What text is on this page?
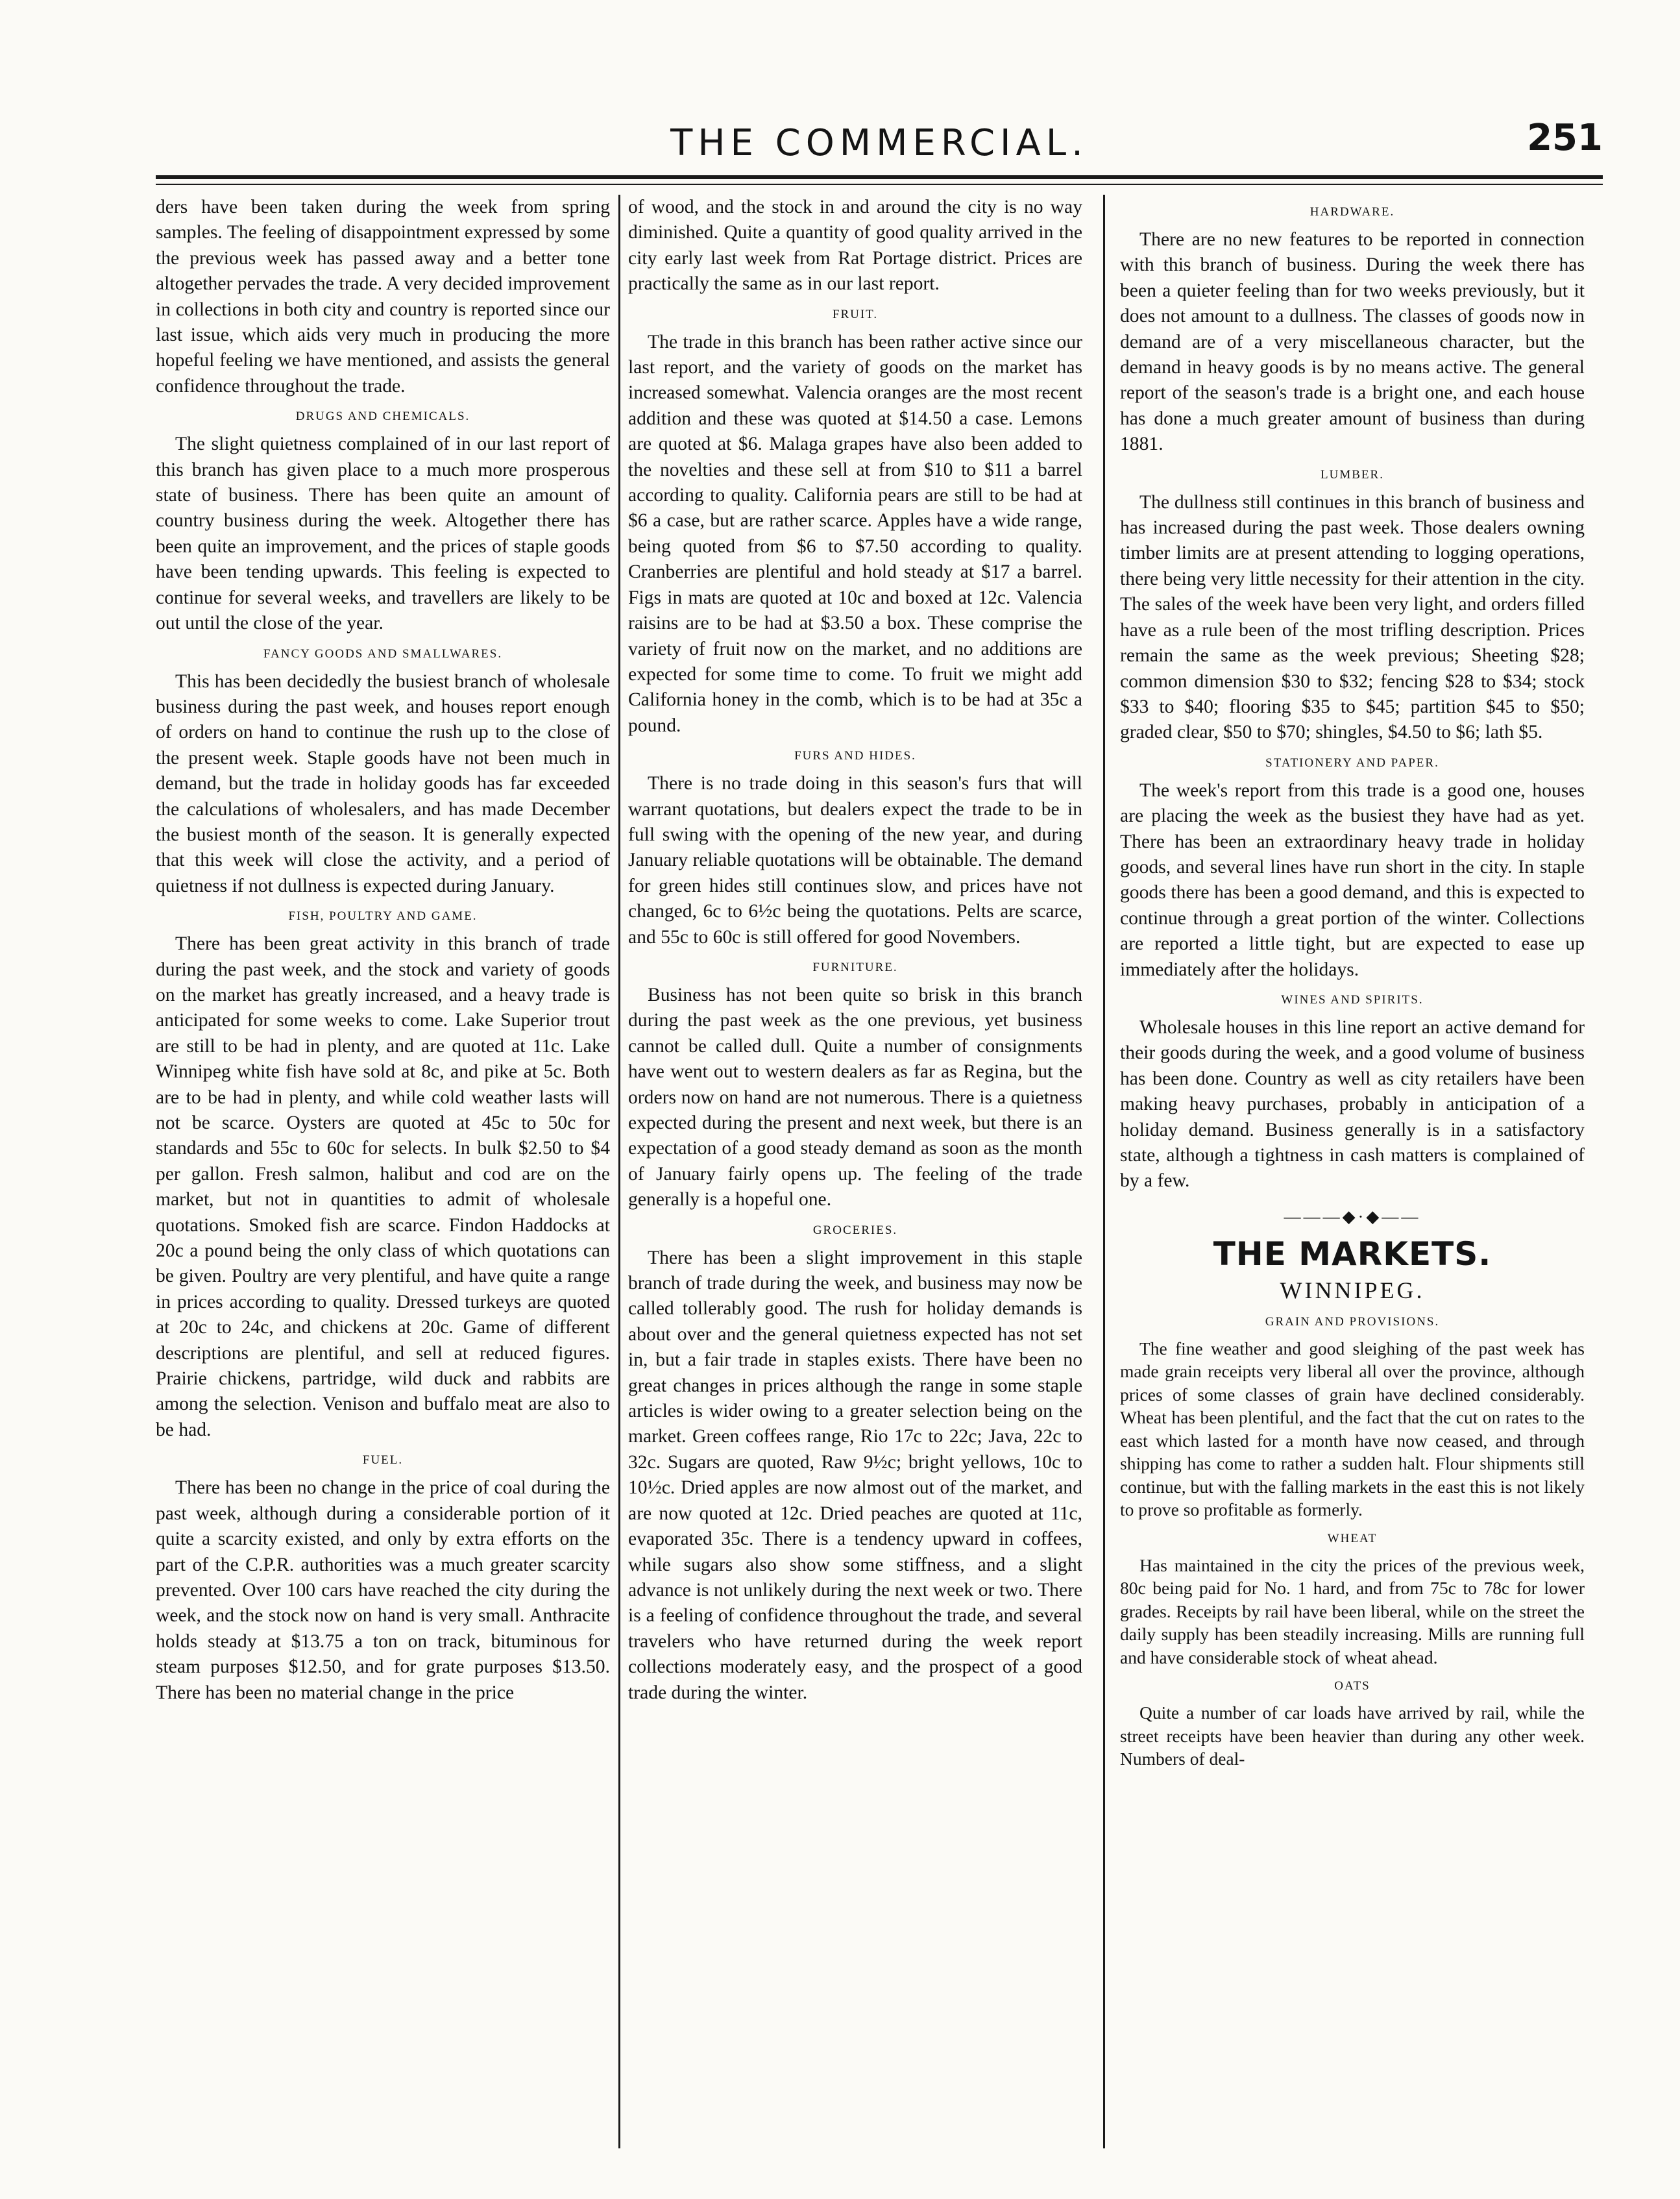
THE COMMERCIAL.	251

ders have been taken during the week from spring samples. The feeling of disappointment expressed by some the previous week has passed away and a better tone altogether pervades the trade. A very decided improvement in collections in both city and country is reported since our last issue, which aids very much in producing the more hopeful feeling we have mentioned, and assists the general confidence throughout the trade.

DRUGS AND CHEMICALS.

The slight quietness complained of in our last report of this branch has given place to a much more prosperous state of business. There has been quite an amount of country business during the week. Altogether there has been quite an improvement, and the prices of staple goods have been tending upwards. This feeling is expected to continue for several weeks, and travellers are likely to be out until the close of the year.

FANCY GOODS AND SMALLWARES.

This has been decidedly the busiest branch of wholesale business during the past week, and houses report enough of orders on hand to continue the rush up to the close of the present week. Staple goods have not been much in demand, but the trade in holiday goods has far exceeded the calculations of wholesalers, and has made December the busiest month of the season. It is generally expected that this week will close the activity, and a period of quietness if not dullness is expected during January.

FISH, POULTRY AND GAME.

There has been great activity in this branch of trade during the past week, and the stock and variety of goods on the market has greatly increased, and a heavy trade is anticipated for some weeks to come. Lake Superior trout are still to be had in plenty, and are quoted at 11c. Lake Winnipeg white fish have sold at 8c, and pike at 5c. Both are to be had in plenty, and while cold weather lasts will not be scarce. Oysters are quoted at 45c to 50c for standards and 55c to 60c for selects. In bulk $2.50 to $4 per gallon. Fresh salmon, halibut and cod are on the market, but not in quantities to admit of wholesale quotations. Smoked fish are scarce. Findon Haddocks at 20c a pound being the only class of which quotations can be given. Poultry are very plentiful, and have quite a range in prices according to quality. Dressed turkeys are quoted at 20c to 24c, and chickens at 20c. Game of different descriptions are plentiful, and sell at reduced figures. Prairie chickens, partridge, wild duck and rabbits are among the selection. Venison and buffalo meat are also to be had.

FUEL.

There has been no change in the price of coal during the past week, although during a considerable portion of it quite a scarcity existed, and only by extra efforts on the part of the C.P.R. authorities was a much greater scarcity prevented. Over 100 cars have reached the city during the week, and the stock now on hand is very small. Anthracite holds steady at $13.75 a ton on track, bituminous for steam purposes $12.50, and for grate purposes $13.50. There has been no material change in the price

of wood, and the stock in and around the city is no way diminished. Quite a quantity of good quality arrived in the city early last week from Rat Portage district. Prices are practically the same as in our last report.

FRUIT.

The trade in this branch has been rather active since our last report, and the variety of goods on the market has increased somewhat. Valencia oranges are the most recent addition and these was quoted at $14.50 a case. Lemons are quoted at $6. Malaga grapes have also been added to the novelties and these sell at from $10 to $11 a barrel according to quality. California pears are still to be had at $6 a case, but are rather scarce. Apples have a wide range, being quoted from $6 to $7.50 according to quality. Cranberries are plentiful and hold steady at $17 a barrel. Figs in mats are quoted at 10c and boxed at 12c. Valencia raisins are to be had at $3.50 a box. These comprise the variety of fruit now on the market, and no additions are expected for some time to come. To fruit we might add California honey in the comb, which is to be had at 35c a pound.

FURS AND HIDES.

There is no trade doing in this season's furs that will warrant quotations, but dealers expect the trade to be in full swing with the opening of the new year, and during January reliable quotations will be obtainable. The demand for green hides still continues slow, and prices have not changed, 6c to 6½c being the quotations. Pelts are scarce, and 55c to 60c is still offered for good Novembers.

FURNITURE.

Business has not been quite so brisk in this branch during the past week as the one previous, yet business cannot be called dull. Quite a number of consignments have went out to western dealers as far as Regina, but the orders now on hand are not numerous. There is a quietness expected during the present and next week, but there is an expectation of a good steady demand as soon as the month of January fairly opens up. The feeling of the trade generally is a hopeful one.

GROCERIES.

There has been a slight improvement in this staple branch of trade during the week, and business may now be called tollerably good. The rush for holiday demands is about over and the general quietness expected has not set in, but a fair trade in staples exists. There have been no great changes in prices although the range in some staple articles is wider owing to a greater selection being on the market. Green coffees range, Rio 17c to 22c; Java, 22c to 32c. Sugars are quoted, Raw 9½c; bright yellows, 10c to 10½c. Dried apples are now almost out of the market, and are now quoted at 12c. Dried peaches are quoted at 11c, evaporated 35c. There is a tendency upward in coffees, while sugars also show some stiffness, and a slight advance is not unlikely during the next week or two. There is a feeling of confidence throughout the trade, and several travelers who have returned during the week report collections moderately easy, and the prospect of a good trade during the winter.

HARDWARE.

There are no new features to be reported in connection with this branch of business. During the week there has been a quieter feeling than for two weeks previously, but it does not amount to a dullness. The classes of goods now in demand are of a very miscellaneous character, but the demand in heavy goods is by no means active. The general report of the season's trade is a bright one, and each house has done a much greater amount of business than during 1881.

LUMBER.

The dullness still continues in this branch of business and has increased during the past week. Those dealers owning timber limits are at present attending to logging operations, there being very little necessity for their attention in the city. The sales of the week have been very light, and orders filled have as a rule been of the most trifling description. Prices remain the same as the week previous; Sheeting $28; common dimension $30 to $32; fencing $28 to $34; stock $33 to $40; flooring $35 to $45; partition $45 to $50; graded clear, $50 to $70; shingles, $4.50 to $6; lath $5.

STATIONERY AND PAPER.

The week's report from this trade is a good one, houses are placing the week as the busiest they have had as yet. There has been an extraordinary heavy trade in holiday goods, and several lines have run short in the city. In staple goods there has been a good demand, and this is expected to continue through a great portion of the winter. Collections are reported a little tight, but are expected to ease up immediately after the holidays.

WINES AND SPIRITS.

Wholesale houses in this line report an active demand for their goods during the week, and a good volume of business has been done. Country as well as city retailers have been making heavy purchases, probably in anticipation of a holiday demand. Business generally is in a satisfactory state, although a tightness in cash matters is complained of by a few.

———◆·◆——
THE MARKETS.
WINNIPEG.
GRAIN AND PROVISIONS.

The fine weather and good sleighing of the past week has made grain receipts very liberal all over the province, although prices of some classes of grain have declined considerably. Wheat has been plentiful, and the fact that the cut on rates to the east which lasted for a month have now ceased, and through shipping has come to rather a sudden halt. Flour shipments still continue, but with the falling markets in the east this is not likely to prove so profitable as formerly.

WHEAT

Has maintained in the city the prices of the previous week, 80c being paid for No. 1 hard, and from 75c to 78c for lower grades. Receipts by rail have been liberal, while on the street the daily supply has been steadily increasing. Mills are running full and have considerable stock of wheat ahead.

OATS

Quite a number of car loads have arrived by rail, while the street receipts have been heavier than during any other week. Numbers of deal-
